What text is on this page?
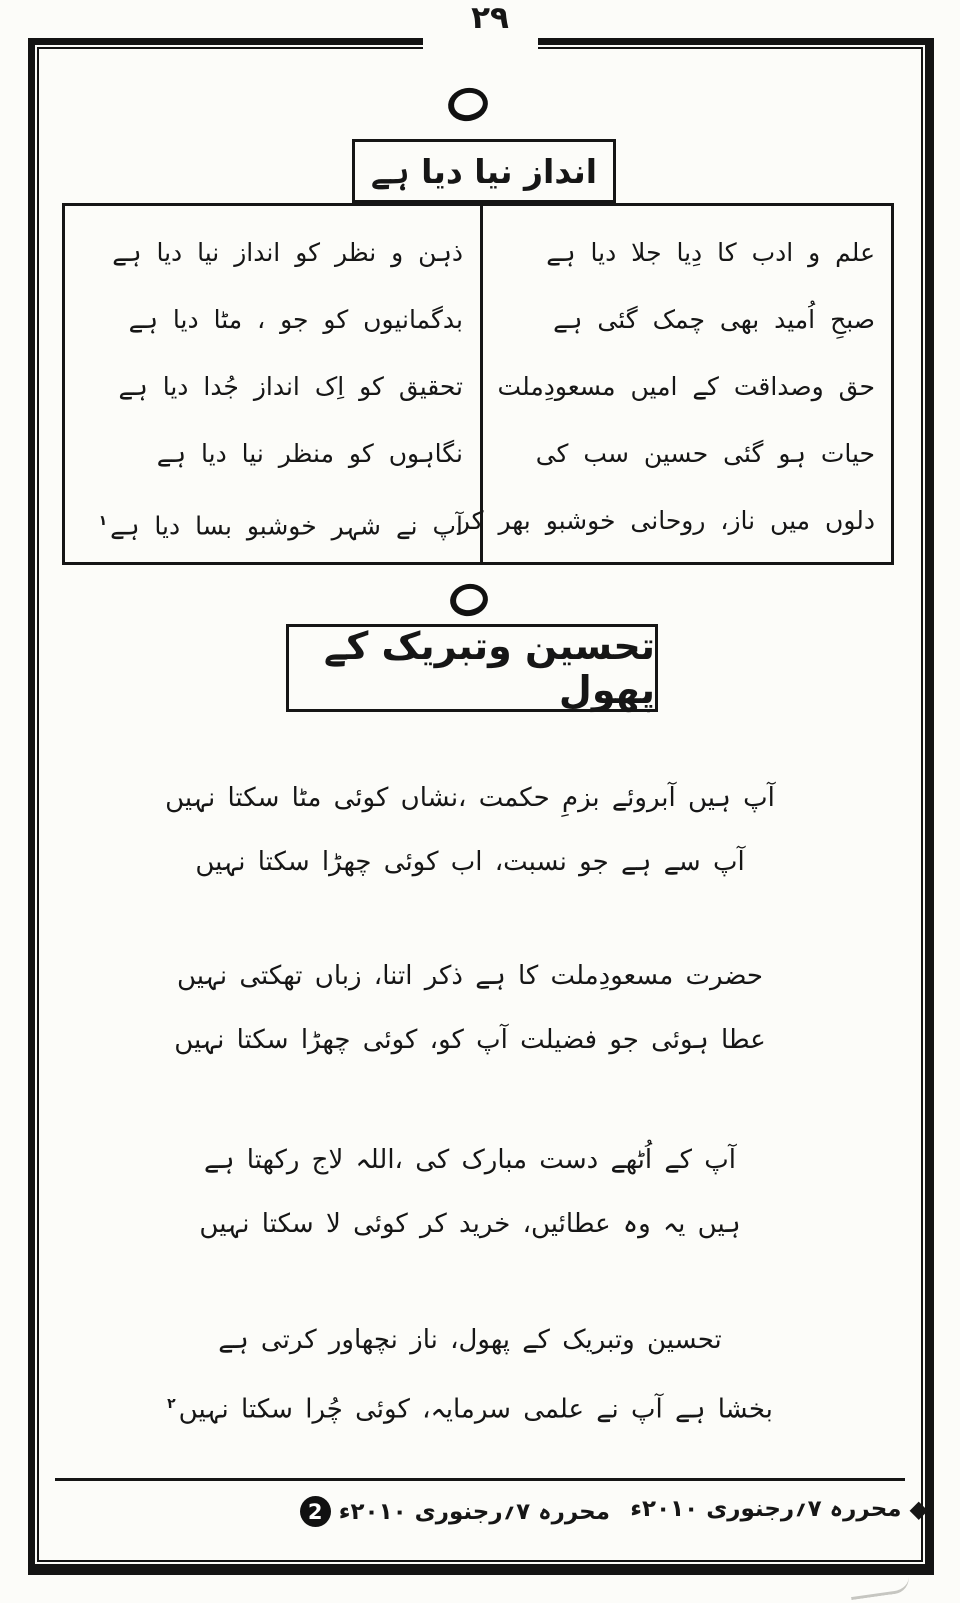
۲۹
انداز نیا دیا ہے
علم و ادب کا دِیا جلا دیا ہے
صبحِ اُمید بھی چمک گئی ہے
حق وصداقت کے امیں مسعودِملت
حیات ہو گئی حسین سب کی
دلوں میں ناز، روحانی خوشبو بھر کر
ذہن و نظر کو انداز نیا دیا ہے
بدگمانیوں کو جو ، مٹا دیا ہے
تحقیق کو اِک انداز جُدا دیا ہے
نگاہوں کو منظر نیا دیا ہے
آپ نے شہر خوشبو بسا دیا ہے$^۱$
تحسین وتبریک کے پھول
آپ ہیں آبروئے بزمِ حکمت ،نشاں کوئی مٹا سکتا نہیں
آپ سے ہے جو نسبت، اب کوئی چھڑا سکتا نہیں
حضرت مسعودِملت کا ہے ذکر اتنا، زباں تھکتی نہیں
عطا ہوئی جو فضیلت آپ کو، کوئی چھڑا سکتا نہیں
آپ کے اُٹھے دست مبارک کی ،اللہ لاج رکھتا ہے
ہیں یہ وہ عطائیں، خرید کر کوئی لا سکتا نہیں
تحسین وتبریک کے پھول، ناز نچھاور کرتی ہے
بخشا ہے آپ نے علمی سرمایہ، کوئی چُرا سکتا نہیں$^۲$
◆
محررہ ۷؍رجنوری ۲۰۱۰ء
محررہ ۷؍رجنوری ۲۰۱۰ء
2
